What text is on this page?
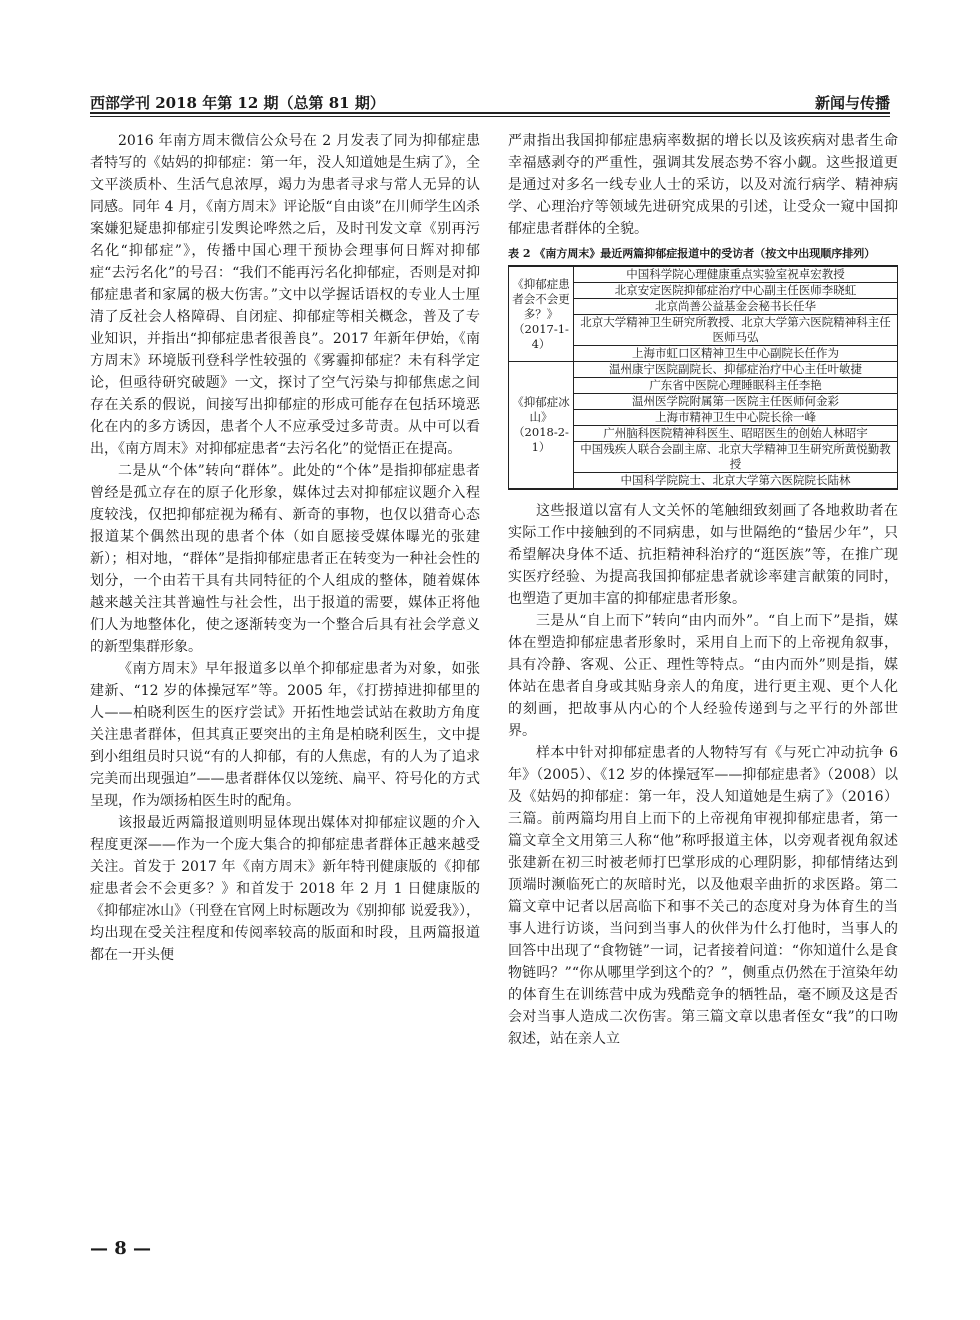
西部学刊 2018 年第 12 期（总第 81 期）	新闻与传播

2016 年南方周末微信公众号在 2 月发表了同为抑郁症患者特写的《姑妈的抑郁症：第一年，没人知道她是生病了》，全文平淡质朴、生活气息浓厚，竭力为患者寻求与常人无异的认同感。同年 4 月，《南方周末》评论版“自由谈”在川师学生凶杀案嫌犯疑患抑郁症引发舆论哗然之后，及时刊发文章《别再污名化“抑郁症”》，传播中国心理干预协会理事何日辉对抑郁症“去污名化”的号召：“我们不能再污名化抑郁症，否则是对抑郁症患者和家属的极大伤害。”文中以学握话语权的专业人士厘清了反社会人格障碍、自闭症、抑郁症等相关概念，普及了专业知识，并指出“抑郁症患者很善良”。2017 年新年伊始，《南方周末》环境版刊登科学性较强的《雾霾抑郁症？未有科学定论，但亟待研究破题》一文，探讨了空气污染与抑郁焦虑之间存在关系的假说，间接写出抑郁症的形成可能存在包括环境恶化在内的多方诱因，患者个人不应承受过多苛责。从中可以看出，《南方周末》对抑郁症患者“去污名化”的觉悟正在提高。

二是从“个体”转向“群体”。此处的“个体”是指抑郁症患者曾经是孤立存在的原子化形象，媒体过去对抑郁症议题介入程度较浅，仅把抑郁症视为稀有、新奇的事物，也仅以猎奇心态报道某个偶然出现的患者个体（如自愿接受媒体曝光的张建新）；相对地，“群体”是指抑郁症患者正在转变为一种社会性的划分，一个由若干具有共同特征的个人组成的整体，随着媒体越来越关注其普遍性与社会性，出于报道的需要，媒体正将他们人为地整体化，使之逐渐转变为一个整合后具有社会学意义的新型集群形象。

《南方周末》早年报道多以单个抑郁症患者为对象，如张建新、“12 岁的体操冠军”等。2005 年，《打捞掉进抑郁里的人——柏晓利医生的医疗尝试》开拓性地尝试站在救助方角度关注患者群体，但其真正要突出的主角是柏晓利医生，文中提到小组组员时只说“有的人抑郁，有的人焦虑，有的人为了追求完美而出现强迫”——患者群体仅以笼统、扁平、符号化的方式呈现，作为颂扬柏医生时的配角。

该报最近两篇报道则明显体现出媒体对抑郁症议题的介入程度更深——作为一个庞大集合的抑郁症患者群体正越来越受关注。首发于 2017 年《南方周末》新年特刊健康版的《抑郁症患者会不会更多？》和首发于 2018 年 2 月 1 日健康版的《抑郁症冰山》（刊登在官网上时标题改为《别抑郁 说爱我》），均出现在受关注程度和传阅率较高的版面和时段，且两篇报道都在一开头便

严肃指出我国抑郁症患病率数据的增长以及该疾病对患者生命幸福感剥夺的严重性，强调其发展态势不容小觑。这些报道更是通过对多名一线专业人士的采访，以及对流行病学、精神病学、心理治疗等领域先进研究成果的引述，让受众一窥中国抑郁症患者群体的全貌。

表 2 《南方周末》最近两篇抑郁症报道中的受访者（按文中出现顺序排列）
《抑郁症患者会不会更多？》（2017-1-4）	中国科学院心理健康重点实验室祝卓宏教授
	北京安定医院抑郁症治疗中心副主任医师李晓虹
	北京尚善公益基金会秘书长任华
	北京大学精神卫生研究所教授、北京大学第六医院精神科主任医师马弘
	上海市虹口区精神卫生中心副院长任作为
《抑郁症冰山》（2018-2-1）	温州康宁医院副院长、抑郁症治疗中心主任叶敏捷
	广东省中医院心理睡眠科主任李艳
	温州医学院附属第一医院主任医师何金彩
	上海市精神卫生中心院长徐一峰
	广州脑科医院精神科医生、昭昭医生的创始人林昭宇
	中国残疾人联合会副主席、北京大学精神卫生研究所黄悦勤教授
	中国科学院院士、北京大学第六医院院长陆林

这些报道以富有人文关怀的笔触细致刻画了各地救助者在实际工作中接触到的不同病患，如与世隔绝的“蛰居少年”，只希望解决身体不适、抗拒精神科治疗的“逛医族”等，在推广现实医疗经验、为提高我国抑郁症患者就诊率建言献策的同时，也塑造了更加丰富的抑郁症患者形象。

三是从“自上而下”转向“由内而外”。“自上而下”是指，媒体在塑造抑郁症患者形象时，采用自上而下的上帝视角叙事，具有冷静、客观、公正、理性等特点。“由内而外”则是指，媒体站在患者自身或其贴身亲人的角度，进行更主观、更个人化的刻画，把故事从内心的个人经验传递到与之平行的外部世界。

样本中针对抑郁症患者的人物特写有《与死亡冲动抗争 6 年》（2005）、《12 岁的体操冠军——抑郁症患者》（2008）以及《姑妈的抑郁症：第一年，没人知道她是生病了》（2016）三篇。前两篇均用自上而下的上帝视角审视抑郁症患者，第一篇文章全文用第三人称“他”称呼报道主体，以旁观者视角叙述张建新在初三时被老师打巴掌形成的心理阴影，抑郁情绪达到顶端时濒临死亡的灰暗时光，以及他艰辛曲折的求医路。第二篇文章中记者以居高临下和事不关己的态度对身为体育生的当事人进行访谈，当问到当事人的伙伴为什么打他时，当事人的回答中出现了“食物链”一词，记者接着问道：“你知道什么是食物链吗？”“你从哪里学到这个的？”，侧重点仍然在于渲染年幼的体育生在训练营中成为残酷竞争的牺牲品，毫不顾及这是否会对当事人造成二次伤害。第三篇文章以患者侄女“我”的口吻叙述，站在亲人立

— 8 —
